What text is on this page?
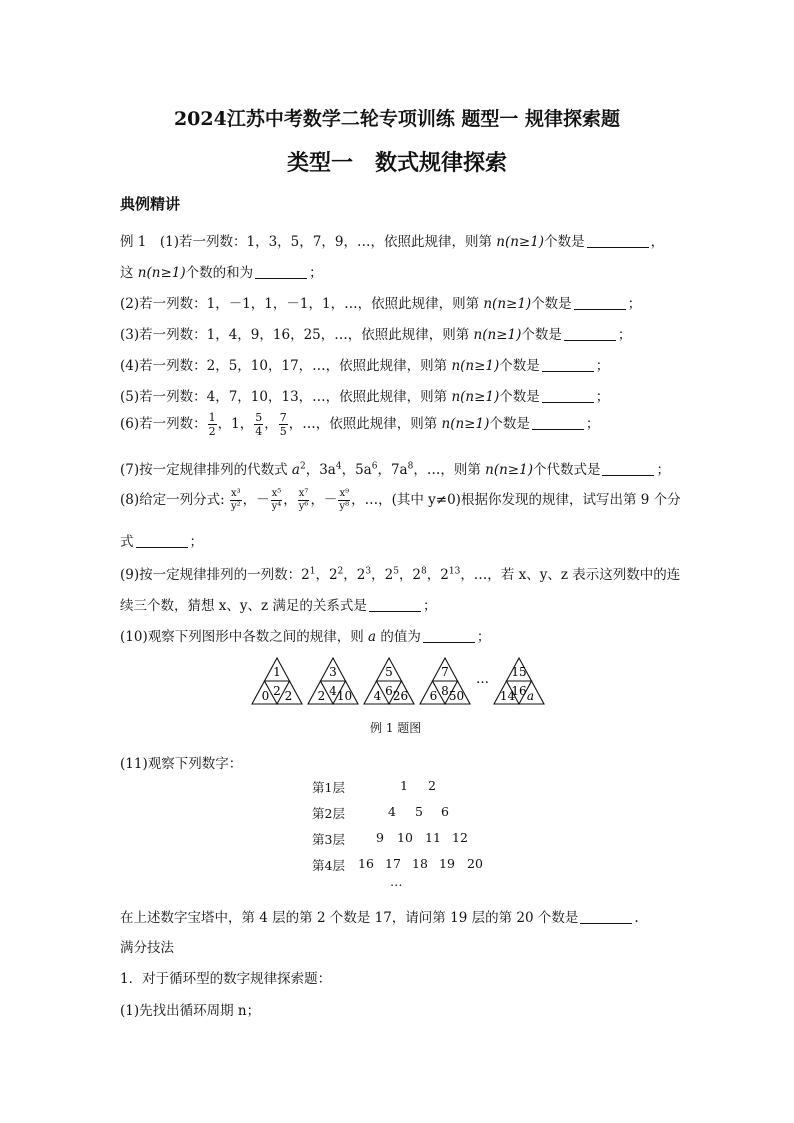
2024江苏中考数学二轮专项训练 题型一 规律探索题
类型一　数式规律探索
典例精讲
例 1　(1)若一列数：1，3，5，7，9，…，依照此规律，则第 n(n≥1)个数是	，
这 n(n≥1)个数的和为	；
(2)若一列数：1，－1，1，－1，1，…，依照此规律，则第 n(n≥1)个数是	；
(3)若一列数：1，4，9，16，25，…，依照此规律，则第 n(n≥1)个数是	；
(4)若一列数：2，5，10，17，…，依照此规律，则第 n(n≥1)个数是	；
(5)若一列数：4，7，10，13，…，依照此规律，则第 n(n≥1)个数是	；
(6)若一列数： $\frac{1}{2}$ ，1， $\frac{5}{4}$ ， $\frac{7}{5}$ ，…，依照此规律，则第 n(n≥1)个数是	；
(7)按一定规律排列的代数式 $a^2$，$3a^4$，$5a^6$，$7a^8$，…，则第 n(n≥1)个代数式是	；
(8)给定一列分式: $\frac{\text{x³}}{\text{y²}}$ ，－ $\frac{\text{x⁵}}{\text{y⁴}}$ ， $\frac{\text{x⁷}}{\text{y⁶}}$ ，－ $\frac{\text{x⁹}}{\text{y⁸}}$ ，…，(其中 y≠0)根据你发现的规律，试写出第 9 个分
式	；
(9)按一定规律排列的一列数：$2^1$，$2^2$，$2^3$，$2^5$，$2^8$，$2^{13}$，…，若 x、y、z 表示这列数中的连
续三个数，猜想 x、y、z 满足的关系式是	；
(10)观察下列图形中各数之间的规律，则 a 的值为	；
1
2
0 2
3
4
2 10
5
6
4 26
7
8
6 50
15
16
14 a
…
例 1 题图
(11)观察下列数字：
第1层	1 2
第2层	4 5 6
第3层 9 10 11 12
第4层 16 17 18 19 20
…
在上述数字宝塔中，第 4 层的第 2 个数是 17，请问第 19 层的第 20 个数是	.
满分技法
1．对于循环型的数字规律探索题：
(1)先找出循环周期 n；
